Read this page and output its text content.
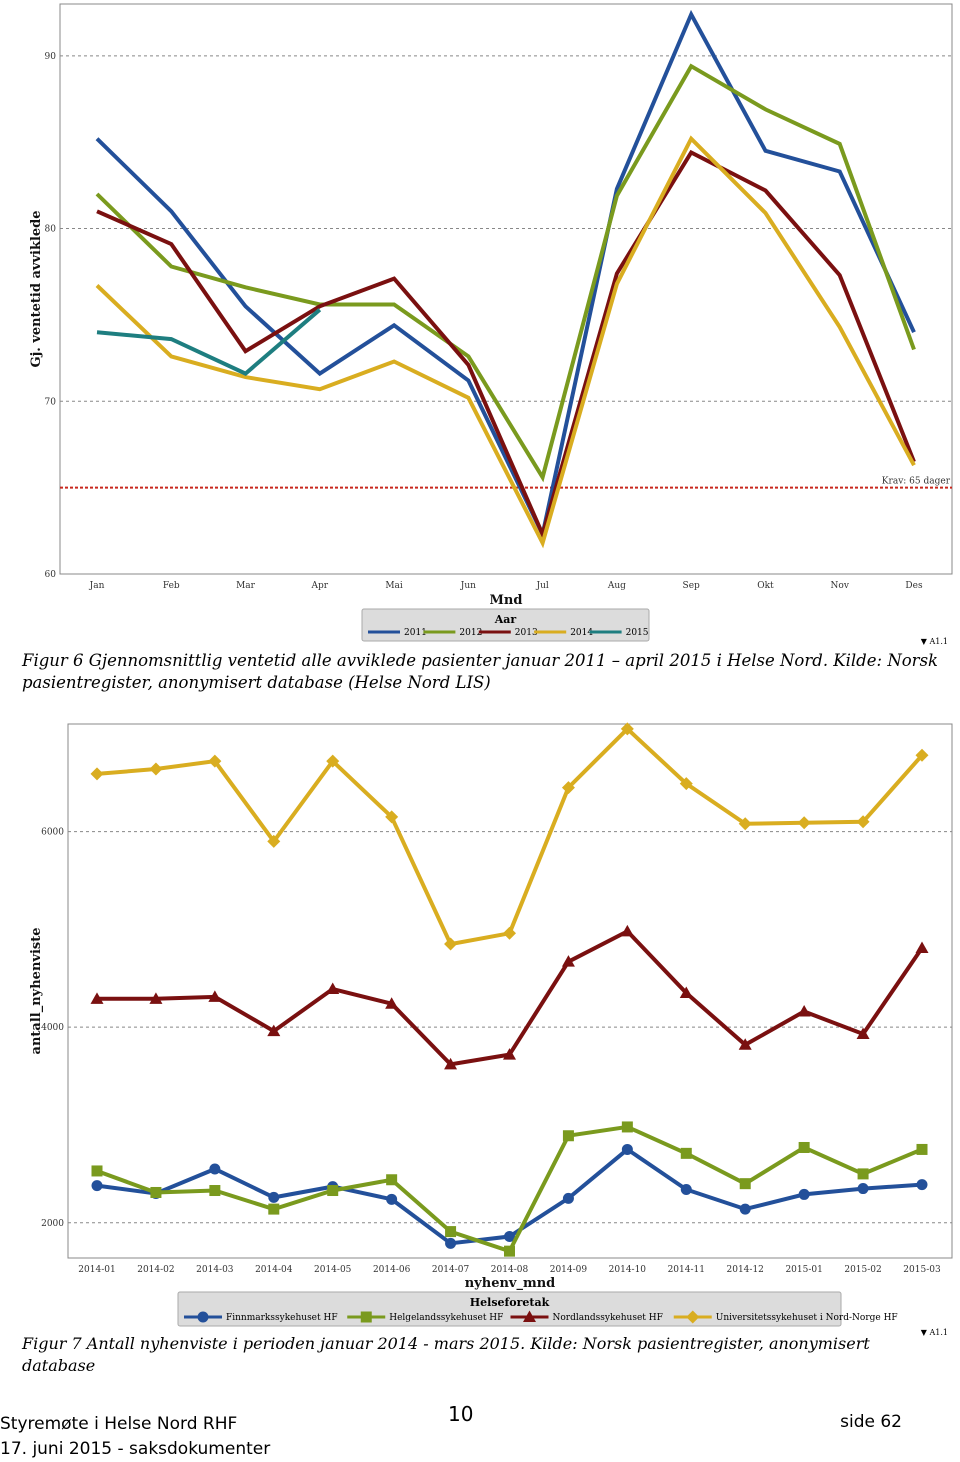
60
70
80
90
Jan	Feb	Mar	Apr	Mai	Jun	Jul	Aug	Sep	Okt	Nov	Des
Mnd
Gj. ventetid avviklede
Krav: 65 dager
Aar
2011	2012	2013	2014	2015
▼ A1.1
Figur 6 Gjennomsnittlig ventetid alle avviklede pasienter januar 2011 – april 2015 i Helse Nord. Kilde: Norsk
pasientregister, anonymisert database (Helse Nord LIS)
2000
4000
6000
2014-01 2014-02 2014-03 2014-04 2014-05 2014-06 2014-07 2014-08 2014-09 2014-10 2014-11 2014-12 2015-01 2015-02 2015-03
nyhenv_mnd
antall_nyhenviste
Helseforetak
Finnmarkssykehuset HF	Helgelandssykehuset HF	Nordlandssykehuset HF	Universitetssykehuset i Nord-Norge HF
▼ A1.1
Figur 7 Antall nyhenviste i perioden januar 2014 - mars 2015. Kilde: Norsk pasientregister, anonymisert database
Styremøte i Helse Nord RHF
17. juni 2015 - saksdokumenter
10	side 62
